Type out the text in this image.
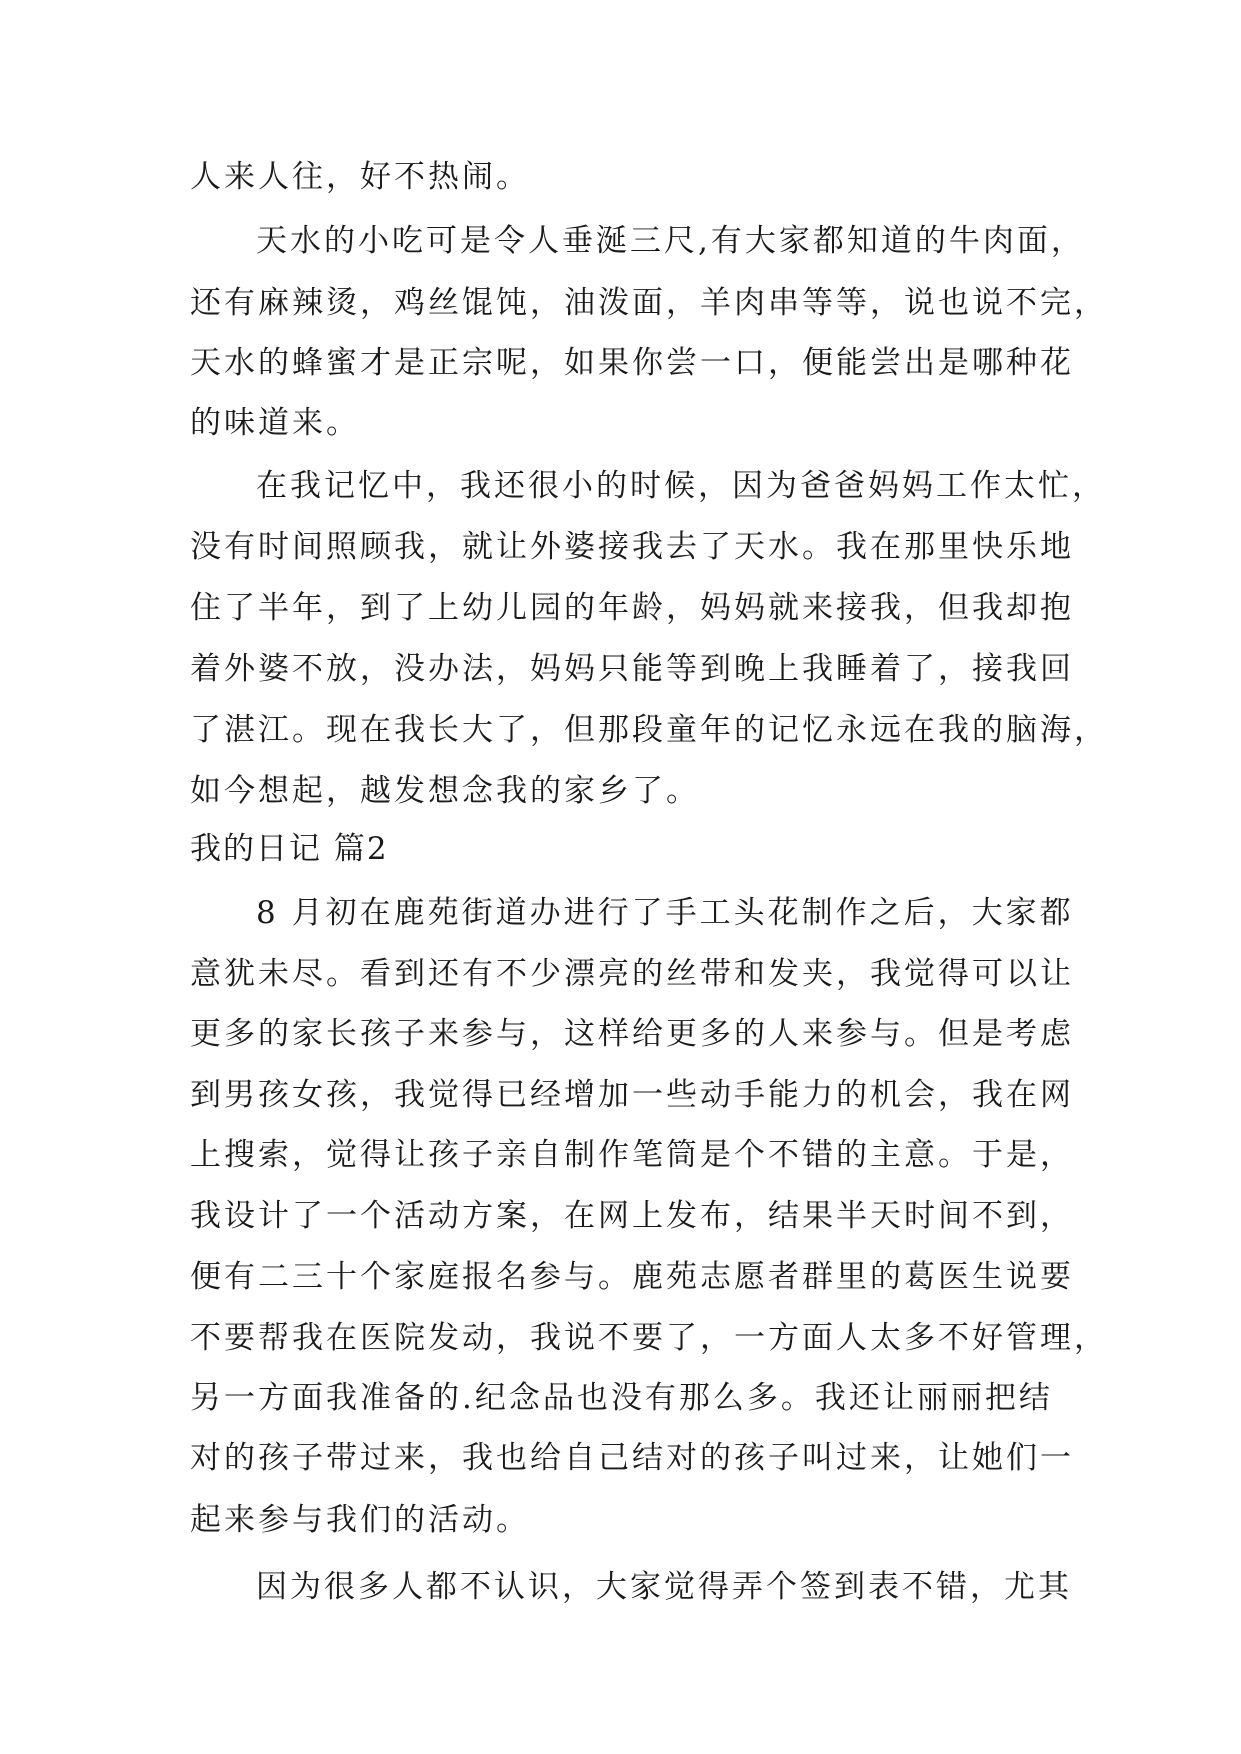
人来人往，好不热闹。

天水的小吃可是令人垂涎三尺,有大家都知道的牛肉面，

还有麻辣烫，鸡丝馄饨，油泼面，羊肉串等等，说也说不完，

天水的蜂蜜才是正宗呢，如果你尝一口，便能尝出是哪种花

的味道来。

在我记忆中，我还很小的时候，因为爸爸妈妈工作太忙，

没有时间照顾我，就让外婆接我去了天水。我在那里快乐地

住了半年，到了上幼儿园的年龄，妈妈就来接我，但我却抱

着外婆不放，没办法，妈妈只能等到晚上我睡着了，接我回

了湛江。现在我长大了，但那段童年的记忆永远在我的脑海，

如今想起，越发想念我的家乡了。

我的日记 篇2

8 月初在鹿苑街道办进行了手工头花制作之后，大家都

意犹未尽。看到还有不少漂亮的丝带和发夹，我觉得可以让

更多的家长孩子来参与，这样给更多的人来参与。但是考虑

到男孩女孩，我觉得已经增加一些动手能力的机会，我在网

上搜索，觉得让孩子亲自制作笔筒是个不错的主意。于是，

我设计了一个活动方案，在网上发布，结果半天时间不到，

便有二三十个家庭报名参与。鹿苑志愿者群里的葛医生说要

不要帮我在医院发动，我说不要了，一方面人太多不好管理，

另一方面我准备的.纪念品也没有那么多。我还让丽丽把结

对的孩子带过来，我也给自己结对的孩子叫过来，让她们一

起来参与我们的活动。

因为很多人都不认识，大家觉得弄个签到表不错，尤其
